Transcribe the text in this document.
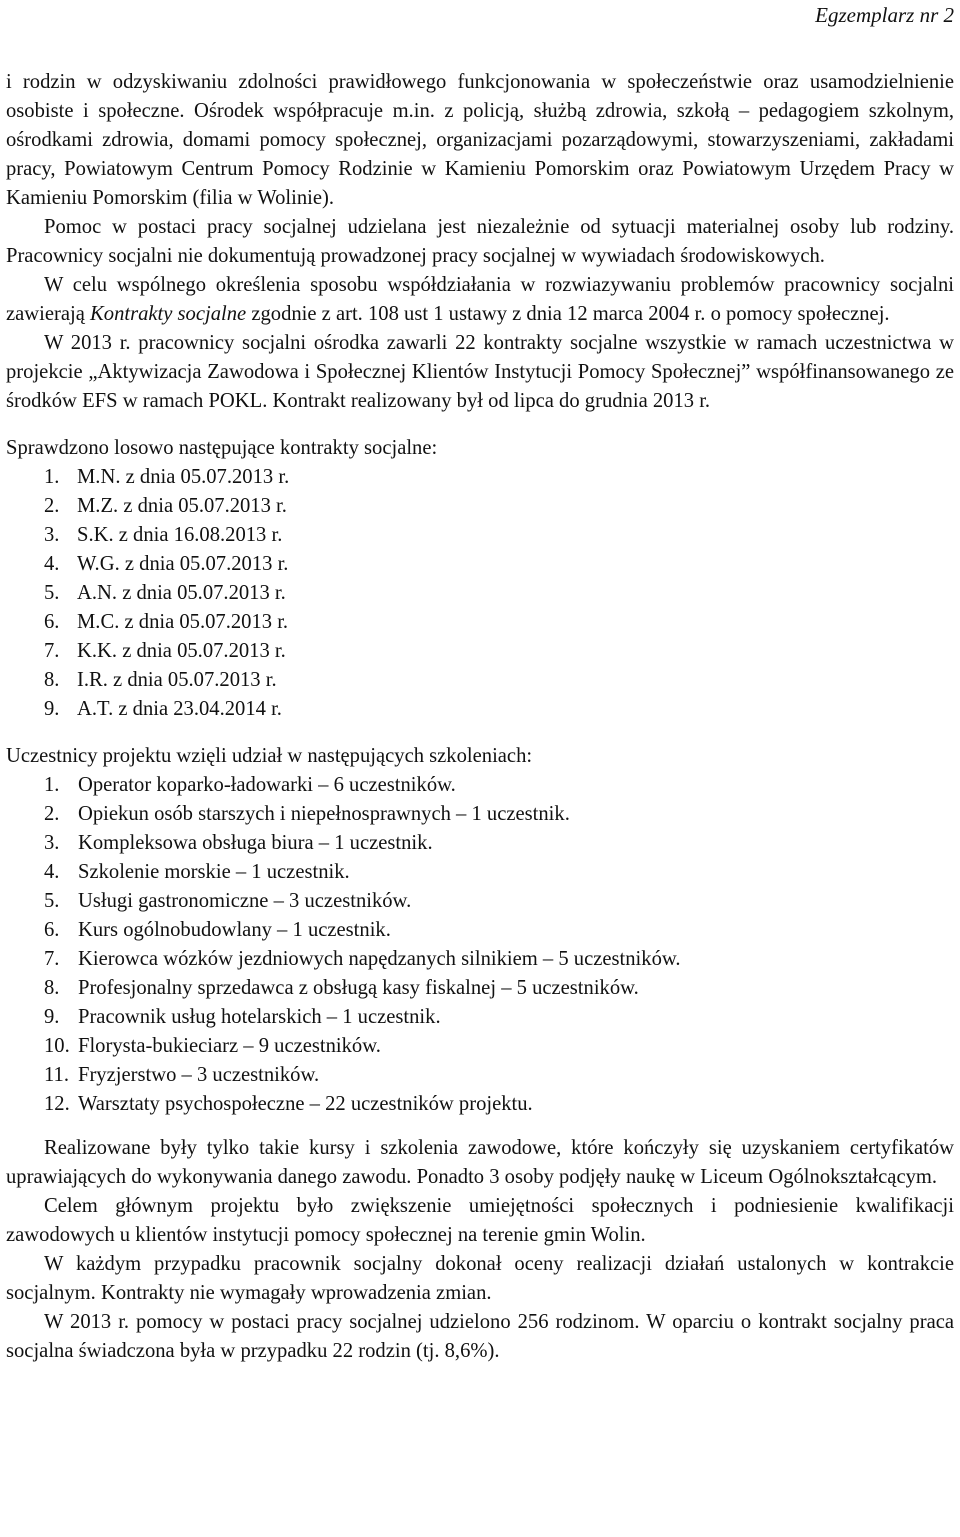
Egzemplarz nr 2

i rodzin w odzyskiwaniu zdolności prawidłowego funkcjonowania w społeczeństwie oraz usamodzielnienie osobiste i społeczne. Ośrodek współpracuje m.in. z policją, służbą zdrowia, szkołą – pedagogiem szkolnym, ośrodkami zdrowia, domami pomocy społecznej, organizacjami pozarządowymi, stowarzyszeniami, zakładami pracy, Powiatowym Centrum Pomocy Rodzinie w Kamieniu Pomorskim oraz Powiatowym Urzędem Pracy w Kamieniu Pomorskim (filia w Wolinie).

Pomoc w postaci pracy socjalnej udzielana jest niezależnie od sytuacji materialnej osoby lub rodziny. Pracownicy socjalni nie dokumentują prowadzonej pracy socjalnej w wywiadach środowiskowych.

W celu wspólnego określenia sposobu współdziałania w rozwiazywaniu problemów pracownicy socjalni zawierają Kontrakty socjalne zgodnie z art. 108 ust 1 ustawy z dnia 12 marca 2004 r. o pomocy społecznej.

W 2013 r. pracownicy socjalni ośrodka zawarli 22 kontrakty socjalne wszystkie w ramach uczestnictwa w projekcie „Aktywizacja Zawodowa i Społecznej Klientów Instytucji Pomocy Społecznej” współfinansowanego ze środków EFS w ramach POKL. Kontrakt realizowany był od lipca do grudnia 2013 r.

Sprawdzono losowo następujące kontrakty socjalne:

1. M.N. z dnia 05.07.2013 r.
2. M.Z. z dnia 05.07.2013 r.
3. S.K. z dnia 16.08.2013 r.
4. W.G. z dnia 05.07.2013 r.
5. A.N. z dnia 05.07.2013 r.
6. M.C. z dnia 05.07.2013 r.
7. K.K. z dnia 05.07.2013 r.
8. I.R. z dnia 05.07.2013 r.
9. A.T. z dnia 23.04.2014 r.

Uczestnicy projektu wzięli udział w następujących szkoleniach:

1. Operator koparko-ładowarki – 6 uczestników.
2. Opiekun osób starszych i niepełnosprawnych – 1 uczestnik.
3. Kompleksowa obsługa biura – 1 uczestnik.
4. Szkolenie morskie – 1 uczestnik.
5. Usługi gastronomiczne – 3 uczestników.
6. Kurs ogólnobudowlany – 1 uczestnik.
7. Kierowca wózków jezdniowych napędzanych silnikiem – 5 uczestników.
8. Profesjonalny sprzedawca z obsługą kasy fiskalnej – 5 uczestników.
9. Pracownik usług hotelarskich – 1 uczestnik.
10. Florysta-bukieciarz – 9 uczestników.
11. Fryzjerstwo – 3 uczestników.
12. Warsztaty psychospołeczne – 22 uczestników projektu.

Realizowane były tylko takie kursy i szkolenia zawodowe, które kończyły się uzyskaniem certyfikatów uprawiających do wykonywania danego zawodu. Ponadto 3 osoby podjęły naukę w Liceum Ogólnokształcącym.

Celem głównym projektu było zwiększenie umiejętności społecznych i podniesienie kwalifikacji zawodowych u klientów instytucji pomocy społecznej na terenie gmin Wolin.

W każdym przypadku pracownik socjalny dokonał oceny realizacji działań ustalonych w kontrakcie socjalnym. Kontrakty nie wymagały wprowadzenia zmian.

W 2013 r. pomocy w postaci pracy socjalnej udzielono 256 rodzinom. W oparciu o kontrakt socjalny praca socjalna świadczona była w przypadku 22 rodzin (tj. 8,6%).
